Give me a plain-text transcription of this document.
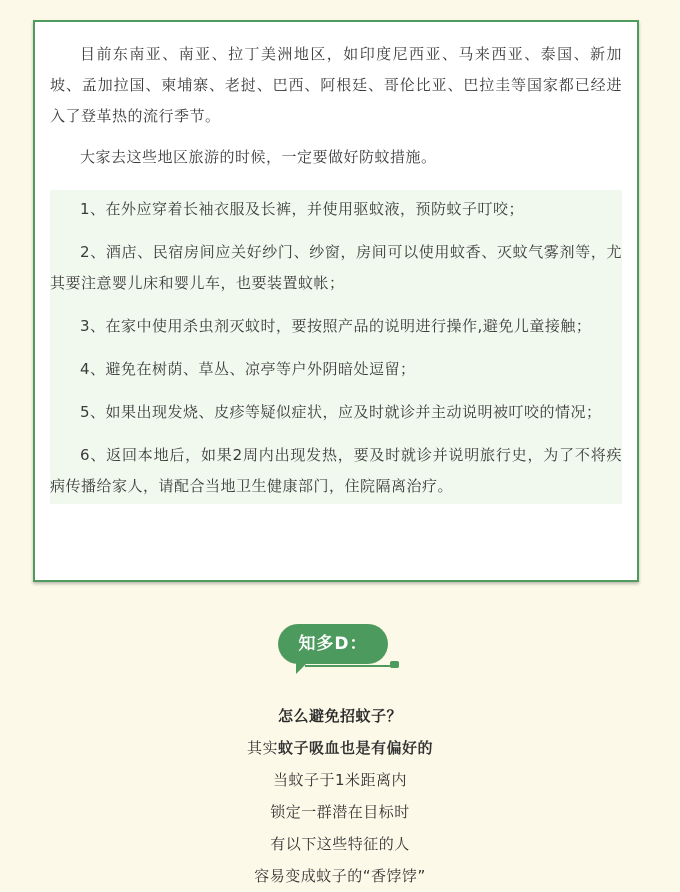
目前东南亚、南亚、拉丁美洲地区，如印度尼西亚、马来西亚、泰国、新加坡、孟加拉国、柬埔寨、老挝、巴西、阿根廷、哥伦比亚、巴拉圭等国家都已经进入了登革热的流行季节。

大家去这些地区旅游的时候，一定要做好防蚊措施。

1、在外应穿着长袖衣服及长裤，并使用驱蚊液，预防蚊子叮咬；

2、酒店、民宿房间应关好纱门、纱窗，房间可以使用蚊香、灭蚊气雾剂等，尤其要注意婴儿床和婴儿车，也要装置蚊帐；

3、在家中使用杀虫剂灭蚊时，要按照产品的说明进行操作,避免儿童接触；

4、避免在树荫、草丛、凉亭等户外阴暗处逗留；

5、如果出现发烧、皮疹等疑似症状，应及时就诊并主动说明被叮咬的情况；

6、返回本地后，如果2周内出现发热，要及时就诊并说明旅行史，为了不将疾病传播给家人，请配合当地卫生健康部门，住院隔离治疗。

知多D：
怎么避免招蚊子？
其实蚊子吸血也是有偏好的
当蚊子于1米距离内
锁定一群潜在目标时
有以下这些特征的人
容易变成蚊子的“香饽饽”
